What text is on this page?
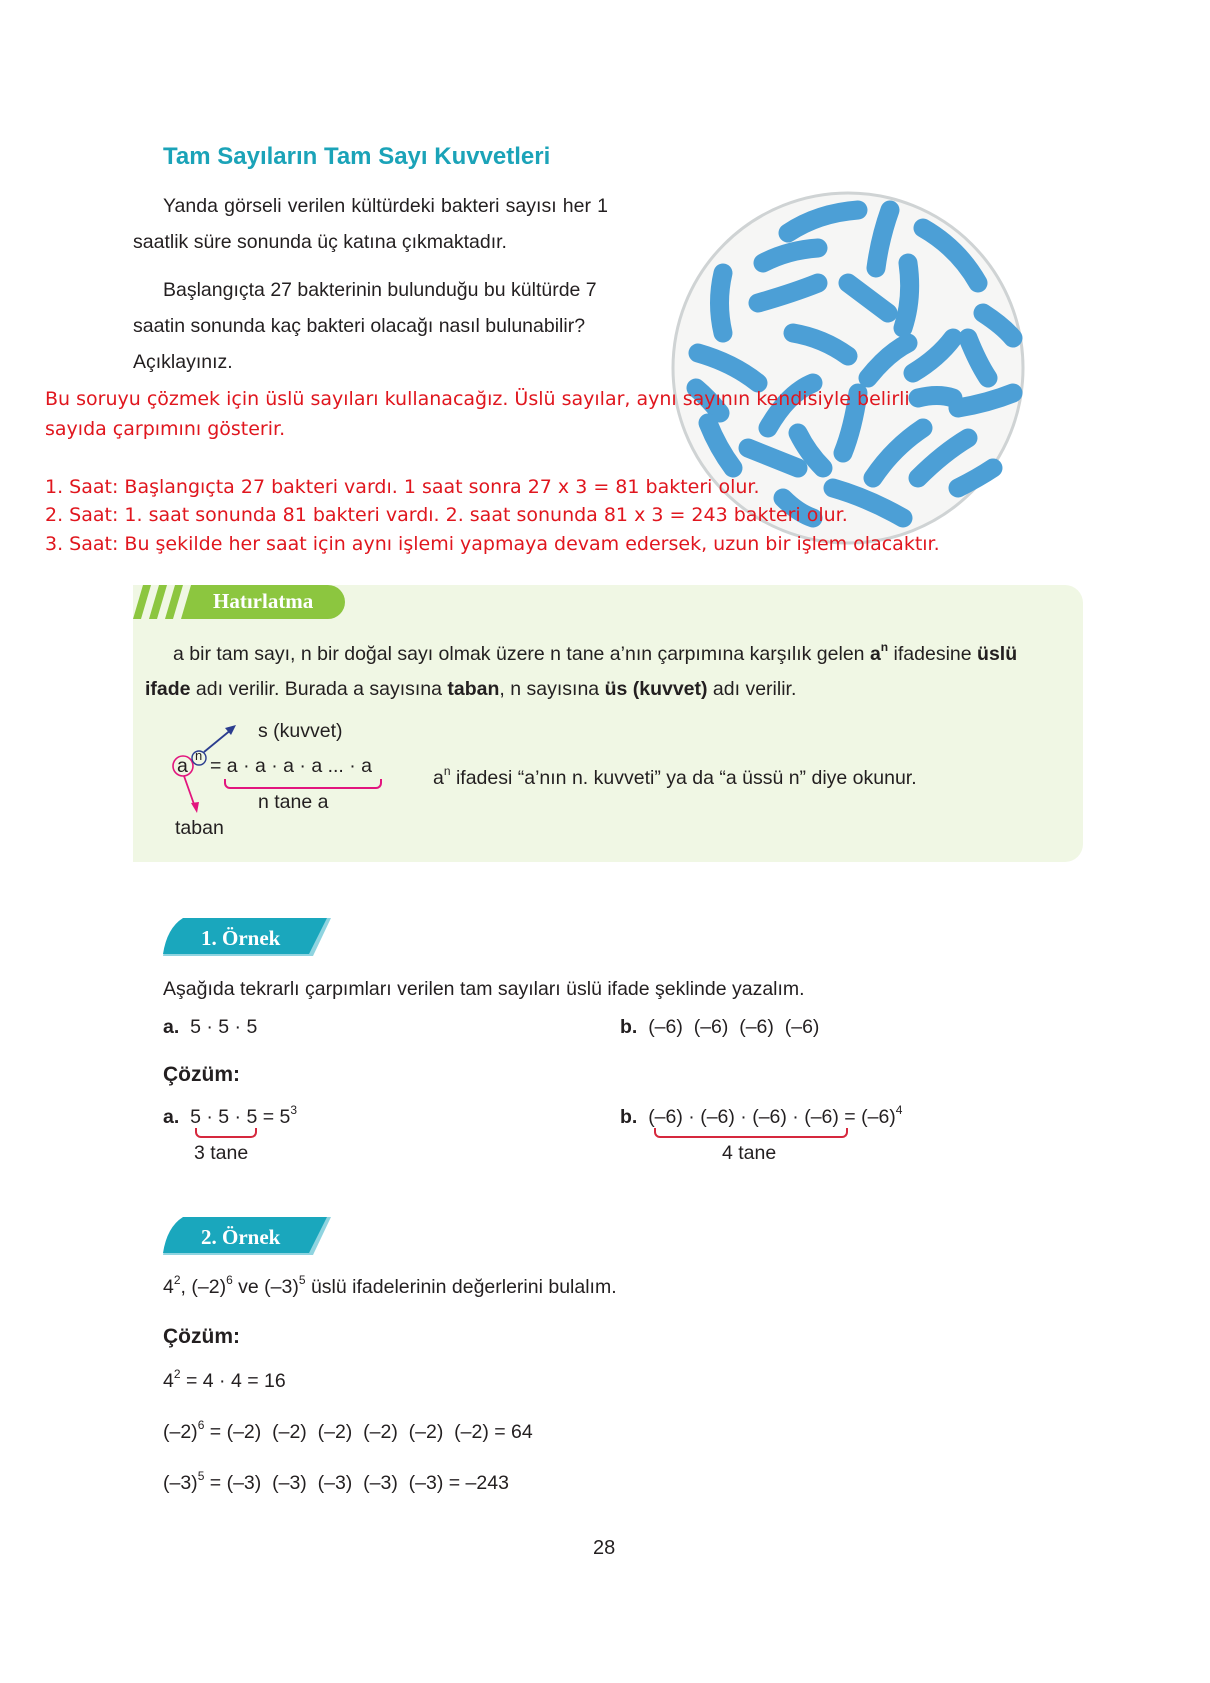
Tam Sayıların Tam Sayı Kuvvetleri
Yanda görseli verilen kültürdeki bakteri sayısı her 1 saatlik süre sonunda üç katına çıkmaktadır.
Başlangıçta 27 bakterinin bulunduğu bu kültürde 7 saatin sonunda kaç bakteri olacağı nasıl bulunabilir? Açıklayınız.
Bu soruyu çözmek için üslü sayıları kullanacağız. Üslü sayılar, aynı sayının kendisiyle belirli
sayıda çarpımını gösterir.
1. Saat: Başlangıçta 27 bakteri vardı. 1 saat sonra 27 x 3 = 81 bakteri olur.
2. Saat: 1. saat sonunda 81 bakteri vardı. 2. saat sonunda 81 x 3 = 243 bakteri olur.
3. Saat: Bu şekilde her saat için aynı işlemi yapmaya devam edersek, uzun bir işlem olacaktır.
Hatırlatma
a bir tam sayı, n bir doğal sayı olmak üzere n tane a’nın çarpımına karşılık gelen $a^n$ ifadesine üslü
ifade adı verilir. Burada a sayısına taban, n sayısına üs (kuvvet) adı verilir.
s (kuvvet)
a n = a · a · a · a ... · a
n tane a
taban
$a^n$ ifadesi “a’nın n. kuvveti” ya da “a üssü n” diye okunur.
1. Örnek
Aşağıda tekrarlı çarpımları verilen tam sayıları üslü ifade şeklinde yazalım.
a. 5 · 5 · 5	b. (–6)  (–6)  (–6)  (–6)
Çözüm:
a. $5 \cdot 5 \cdot 5 = 5^3$
3 tane
b. $(-6) \cdot (-6) \cdot (-6) \cdot (-6) = (-6)^4$
4 tane
2. Örnek
$4^2$, $(-2)^6$ ve $(-3)^5$ üslü ifadelerinin değerlerini bulalım.
Çözüm:
$4^2 = 4 \cdot 4 = 16$
$(-2)^6 = (-2)$  (–2)  (–2)  (–2)  (–2)  (–2) = 64
$(-3)^5 = (-3)$  (–3)  (–3)  (–3)  (–3) = –243
28
